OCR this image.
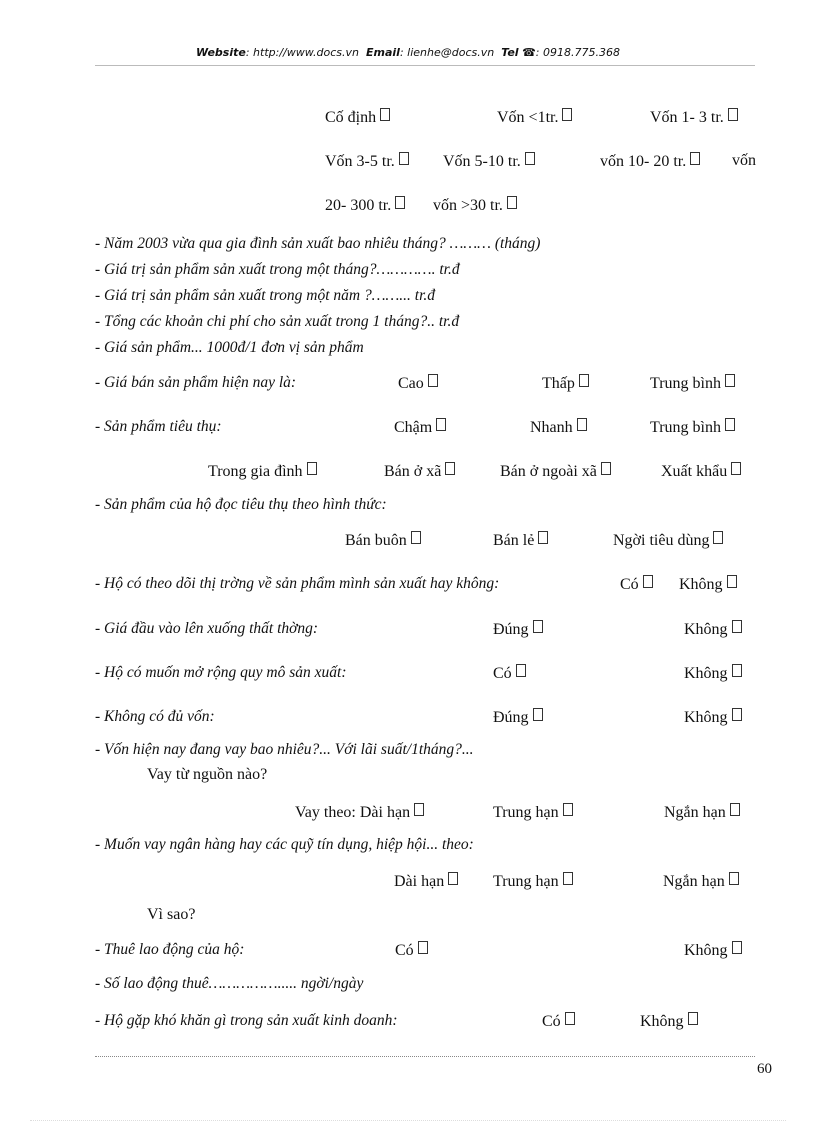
Website: http://www.docs.vn Email: lienhe@docs.vn Tel ☎: 0918.775.368
Cố định	Vốn <1tr.	Vốn 1- 3 tr.
Vốn 3-5 tr.	Vốn 5-10 tr.	vốn 10- 20 tr.	vốn
20- 300 tr.	vốn >30 tr.
- Năm 2003 vừa qua gia đình sản xuất bao nhiêu tháng? ……… (tháng)
- Giá trị sản phẩm sản xuất trong một tháng?…………. tr.đ
- Giá trị sản phẩm sản xuất trong một năm ?……... tr.đ
- Tổng các khoản chi phí cho sản xuất trong 1 tháng?.. tr.đ
- Giá sản phẩm... 1000đ/1 đơn vị sản phẩm
- Giá bán sản phẩm hiện nay là:	Cao	Thấp	Trung bình
- Sản phẩm tiêu thụ:	Chậm	Nhanh	Trung bình
Trong gia đình	Bán ở xã	Bán ở ngoài xã	Xuất khẩu
- Sản phẩm của hộ đọc tiêu thụ theo hình thức:
Bán buôn	Bán lẻ	Ngời tiêu dùng
- Hộ có theo dõi thị trờng về sản phẩm mình sản xuất hay không:	Có	Không
- Giá đầu vào lên xuống thất thờng:	Đúng	Không
- Hộ có muốn mở rộng quy mô sản xuất:	Có	Không
- Không có đủ vốn:	Đúng	Không
- Vốn hiện nay đang vay bao nhiêu?... Với lãi suất/1tháng?...
Vay từ nguồn nào?
Vay theo: Dài hạn	Trung hạn	Ngắn hạn
- Muốn vay ngân hàng hay các quỹ tín dụng, hiệp hội... theo:
Dài hạn	Trung hạn	Ngắn hạn
Vì sao?
- Thuê lao động của hộ:	Có	Không
- Số lao động thuê……………..... ngời/ngày
- Hộ gặp khó khăn gì trong sản xuất kinh doanh:	Có	Không
60
